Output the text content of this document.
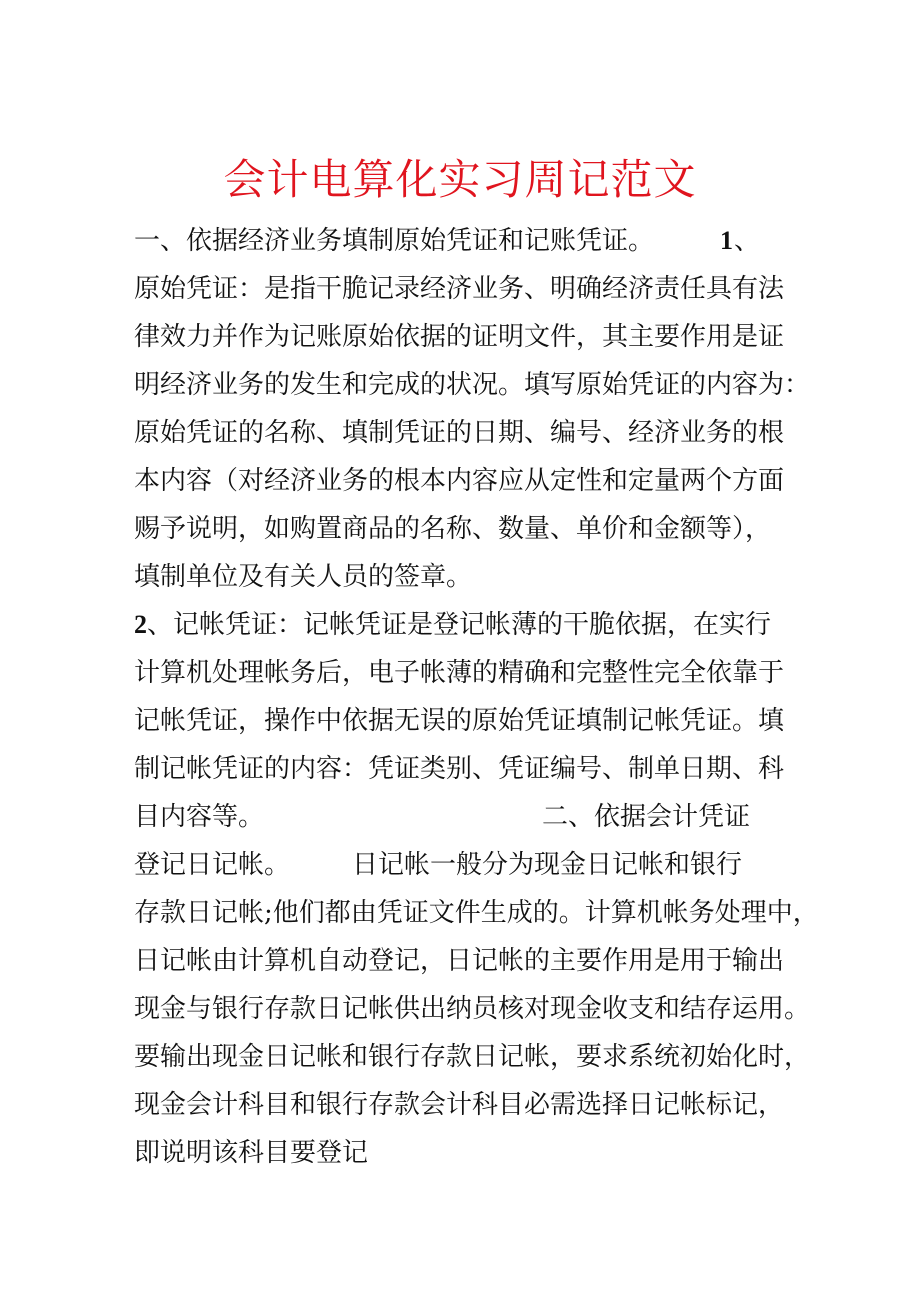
会计电算化实习周记范文
一、依据经济业务填制原始凭证和记账凭证。	1 、
原始凭证：是指干脆记录经济业务、明确经济责任具有法
律效力并作为记账原始依据的证明文件，其主要作用是证
明经济业务的发生和完成的状况。填写原始凭证的内容为：
原始凭证的名称、填制凭证的日期、编号、经济业务的根
本内容（对经济业务的根本内容应从定性和定量两个方面
赐予说明，如购置商品的名称、数量、单价和金额等），
填制单位及有关人员的签章。
2、记帐凭证：记帐凭证是登记帐薄的干脆依据，在实行
计算机处理帐务后，电子帐薄的精确和完整性完全依靠于
记帐凭证，操作中依据无误的原始凭证填制记帐凭证。填
制记帐凭证的内容：凭证类别、凭证编号、制单日期、科
目内容等。	二、依据会计凭证
登记日记帐。 日记帐一般分为现金日记帐和银行
存款日记帐;他们都由凭证文件生成的。计算机帐务处理中，
日记帐由计算机自动登记，日记帐的主要作用是用于输出
现金与银行存款日记帐供出纳员核对现金收支和结存运用。
要输出现金日记帐和银行存款日记帐，要求系统初始化时，
现金会计科目和银行存款会计科目必需选择日记帐标记，
即说明该科目要登记
